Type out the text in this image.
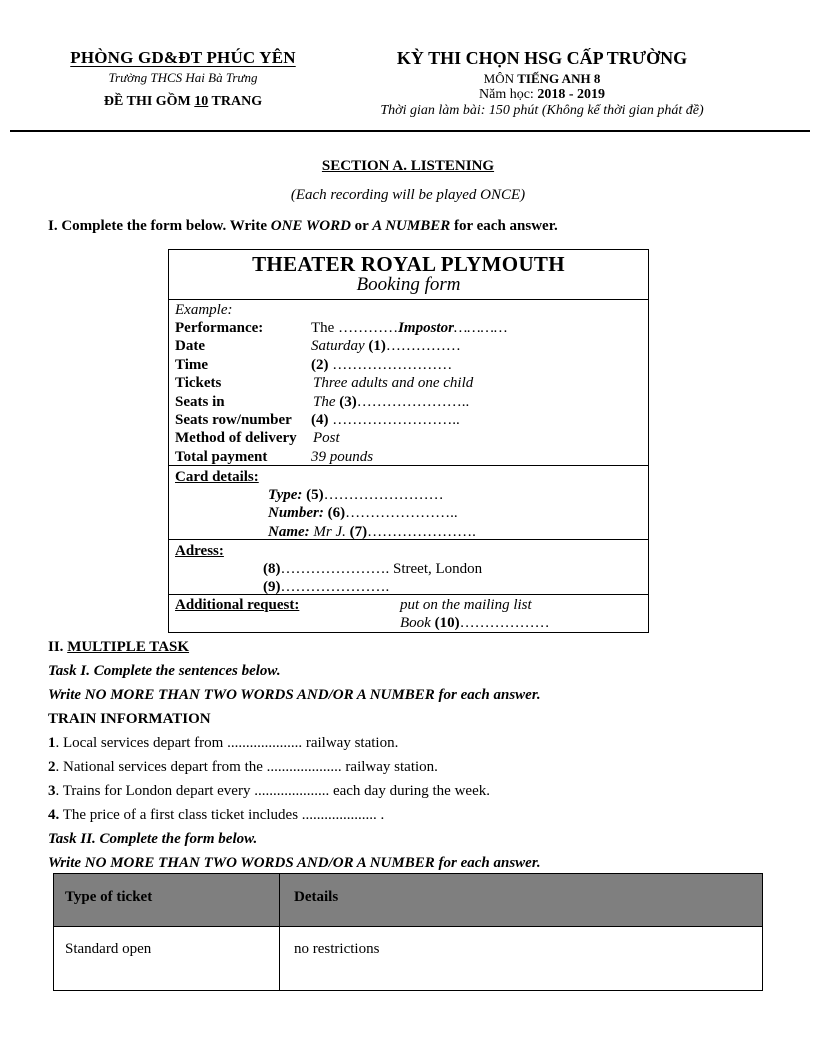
PHÒNG GD&ĐT PHÚC YÊN
Trường THCS Hai Bà Trưng
ĐỀ THI GỒM 10 TRANG
KỲ THI CHỌN HSG CẤP TRƯỜNG
MÔN TIẾNG ANH 8
Năm học: 2018 - 2019
Thời gian làm bài: 150 phút (Không kể thời gian phát đề)
SECTION A. LISTENING
(Each recording will be played ONCE)
I. Complete the form below. Write ONE WORD or A NUMBER for each answer.
THEATER ROYAL PLYMOUTH
Booking form
Example:
Performance:	The …………Impostor…………
Date	Saturday (1)……………
Time	(2) ……………………
Tickets	Three adults and one child
Seats in	The (3)…………………..
Seats row/number	(4) ……………………..
Method of delivery	Post
Total payment	39 pounds
Card details:
Type: (5)……………………
Number: (6)…………………..
Name: Mr J. (7)………………….
Adress:
(8)…………………. Street, London
(9)………………….
Additional request:	put on the mailing list
Book (10)………………
II. MULTIPLE TASK
Task I. Complete the sentences below.
Write NO MORE THAN TWO WORDS AND/OR A NUMBER for each answer.
TRAIN INFORMATION
1. Local services depart from .................... railway station.
2. National services depart from the .................... railway station.
3. Trains for London depart every .................... each day during the week.
4. The price of a first class ticket includes .................... .
Task II. Complete the form below.
Write NO MORE THAN TWO WORDS AND/OR A NUMBER for each answer.
Type of ticket	Details
Standard open	no restrictions
